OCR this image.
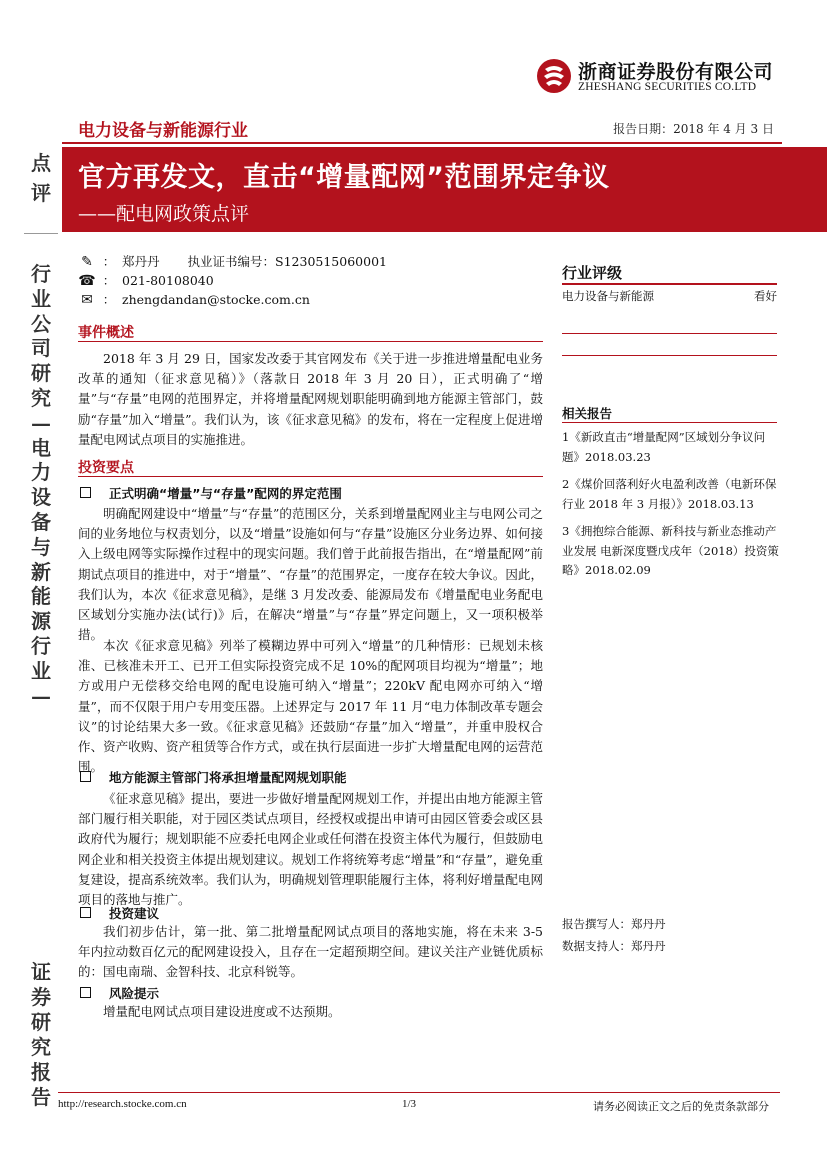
浙商证券股份有限公司
ZHESHANG SECURITIES CO.LTD
电力设备与新能源行业	报告日期：2018 年 4 月 3 日
官方再发文，直击“增量配网”范围界定争议
——配电网政策点评
点
评
行
业
公
司
研
究
—
电
力
设
备
与
新
能
源
行
业
—
证
券
研
究
报
告
✎ ： 郑丹丹 执业证书编号：S1230515060001
☎ ： 021-80108040
✉ ： zhengdandan@stocke.com.cn
事件概述

2018 年 3 月 29 日，国家发改委于其官网发布《关于进一步推进增量配电业务改革的通知（征求意见稿）》（落款日 2018 年 3 月 20 日），正式明确了“增量”与“存量”电网的范围界定，并将增量配网规划职能明确到地方能源主管部门，鼓励“存量”加入“增量”。我们认为，该《征求意见稿》的发布，将在一定程度上促进增量配电网试点项目的实施推进。

投资要点
正式明确“增量”与“存量”配网的界定范围

明确配网建设中“增量”与“存量”的范围区分，关系到增量配网业主与电网公司之间的业务地位与权责划分，以及“增量”设施如何与“存量”设施区分业务边界、如何接入上级电网等实际操作过程中的现实问题。我们曾于此前报告指出，在“增量配网”前期试点项目的推进中，对于“增量”、“存量”的范围界定，一度存在较大争议。因此，我们认为，本次《征求意见稿》，是继 3 月发改委、能源局发布《增量配电业务配电区域划分实施办法(试行)》后，在解决“增量”与“存量”界定问题上，又一项积极举措。

本次《征求意见稿》列举了模糊边界中可列入“增量”的几种情形：已规划未核准、已核准未开工、已开工但实际投资完成不足 10%的配网项目均视为“增量”；地方或用户无偿移交给电网的配电设施可纳入“增量”；220kV 配电网亦可纳入“增量”，而不仅限于用户专用变压器。上述界定与 2017 年 11 月“电力体制改革专题会议”的讨论结果大多一致。《征求意见稿》还鼓励“存量”加入“增量”，并重申股权合作、资产收购、资产租赁等合作方式，或在执行层面进一步扩大增量配电网的运营范围。

地方能源主管部门将承担增量配网规划职能

《征求意见稿》提出，要进一步做好增量配网规划工作，并提出由地方能源主管部门履行相关职能，对于园区类试点项目，经授权或提出申请可由园区管委会或区县政府代为履行；规划职能不应委托电网企业或任何潜在投资主体代为履行，但鼓励电网企业和相关投资主体提出规划建议。规划工作将统筹考虑“增量”和“存量”，避免重复建设，提高系统效率。我们认为，明确规划管理职能履行主体，将利好增量配电网项目的落地与推广。

投资建议

我们初步估计，第一批、第二批增量配网试点项目的落地实施，将在未来 3-5 年内拉动数百亿元的配网建设投入，且存在一定超预期空间。建议关注产业链优质标的：国电南瑞、金智科技、北京科锐等。

风险提示

增量配电网试点项目建设进度或不达预期。

行业评级
电力设备与新能源	看好
相关报告
1《新政直击“增量配网”区域划分争议问题》2018.03.23
2《煤价回落利好火电盈利改善（电新环保行业 2018 年 3 月报）》2018.03.13
3《拥抱综合能源、新科技与新业态推动产业发展 电新深度暨戊戌年（2018）投资策略》2018.02.09
报告撰写人：郑丹丹
数据支持人：郑丹丹
http://research.stocke.com.cn	1/3	请务必阅读正文之后的免责条款部分
